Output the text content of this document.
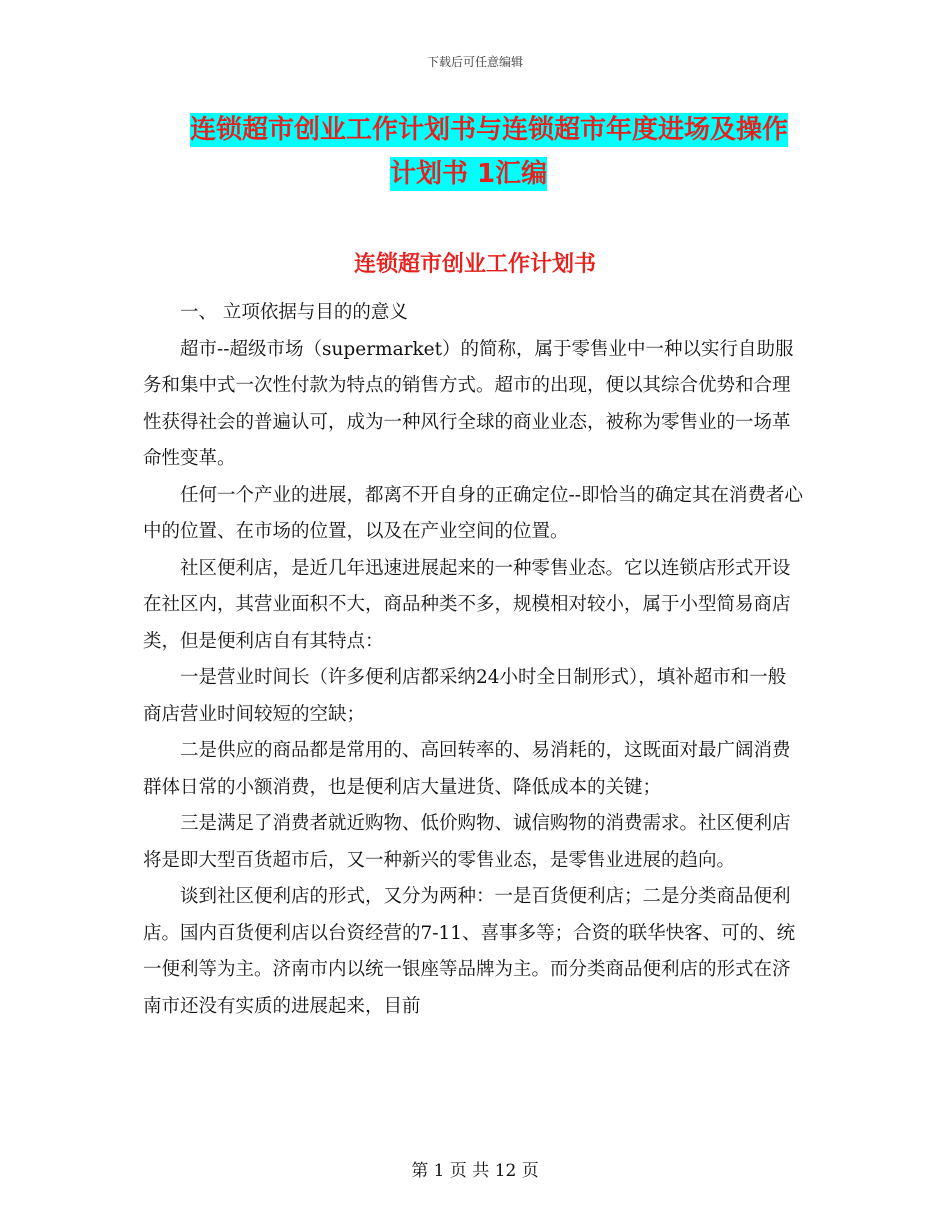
下载后可任意编辑
连锁超市创业工作计划书与连锁超市年度进场及操作
计划书 1汇编
连锁超市创业工作计划书

一、 立项依据与目的的意义

超市--超级市场（supermarket）的简称，属于零售业中一种以实行自助服务和集中式一次性付款为特点的销售方式。超市的出现，便以其综合优势和合理性获得社会的普遍认可，成为一种风行全球的商业业态，被称为零售业的一场革命性变革。

任何一个产业的进展，都离不开自身的正确定位--即恰当的确定其在消费者心中的位置、在市场的位置，以及在产业空间的位置。

社区便利店，是近几年迅速进展起来的一种零售业态。它以连锁店形式开设在社区内，其营业面积不大，商品种类不多，规模相对较小，属于小型简易商店类，但是便利店自有其特点：

一是营业时间长（许多便利店都采纳24小时全日制形式），填补超市和一般商店营业时间较短的空缺；

二是供应的商品都是常用的、高回转率的、易消耗的，这既面对最广阔消费群体日常的小额消费，也是便利店大量进货、降低成本的关键；

三是满足了消费者就近购物、低价购物、诚信购物的消费需求。社区便利店将是即大型百货超市后，又一种新兴的零售业态，是零售业进展的趋向。

谈到社区便利店的形式，又分为两种：一是百货便利店；二是分类商品便利店。国内百货便利店以台资经营的7-11、喜事多等；合资的联华快客、可的、统一便利等为主。济南市内以统一银座等品牌为主。而分类商品便利店的形式在济南市还没有实质的进展起来，目前

第 1 页 共 12 页
